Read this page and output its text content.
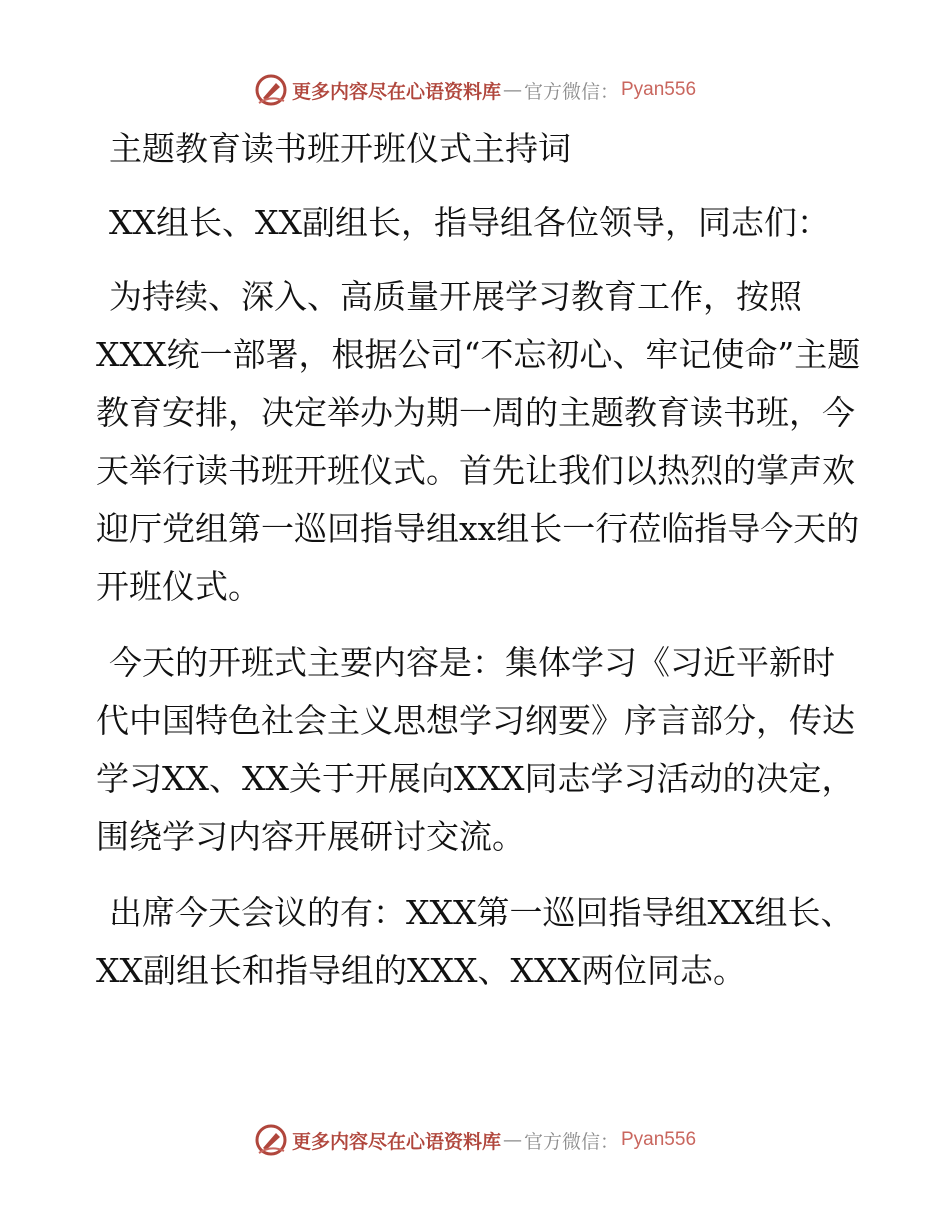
更多内容尽在心语资料库 — 官方微信： Pyan556

主题教育读书班开班仪式主持词

XX组长、XX副组长，指导组各位领导，同志们：

为持续、深入、高质量开展学习教育工作，按照XXX统一部署，根据公司“不忘初心、牢记使命”主题教育安排，决定举办为期一周的主题教育读书班，今天举行读书班开班仪式。首先让我们以热烈的掌声欢迎厅党组第一巡回指导组xx组长一行莅临指导今天的开班仪式。

今天的开班式主要内容是：集体学习《习近平新时代中国特色社会主义思想学习纲要》序言部分，传达学习XX、XX关于开展向XXX同志学习活动的决定，围绕学习内容开展研讨交流。

出席今天会议的有：XXX第一巡回指导组XX组长、XX副组长和指导组的XXX、XXX两位同志。

更多内容尽在心语资料库 — 官方微信： Pyan556
